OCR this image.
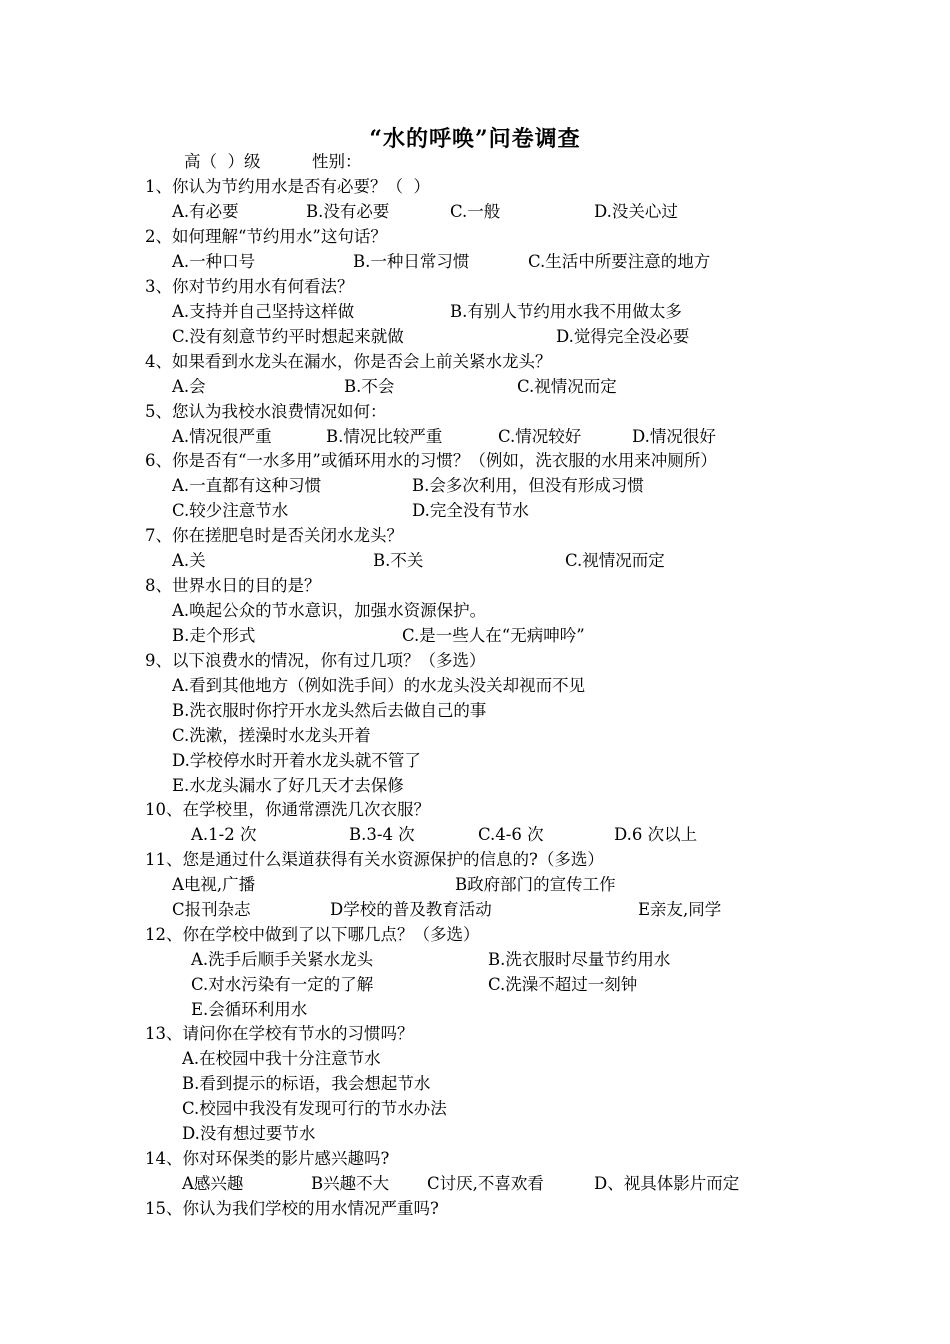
“水的呼唤”问卷调查
高（  ）级	性别：
1、你认为节约用水是否有必要？（  ）
A.有必要	B.没有必要	C.一般	D.没关心过
2、如何理解“节约用水”这句话？
A.一种口号	B.一种日常习惯	C.生活中所要注意的地方
3、你对节约用水有何看法？
A.支持并自己坚持这样做	B.有别人节约用水我不用做太多
C.没有刻意节约平时想起来就做	D.觉得完全没必要
4、如果看到水龙头在漏水，你是否会上前关紧水龙头？
A.会	B.不会	C.视情况而定
5、您认为我校水浪费情况如何：
A.情况很严重	B.情况比较严重	C.情况较好	D.情况很好
6、你是否有“一水多用”或循环用水的习惯？（例如，洗衣服的水用来冲厕所）
A.一直都有这种习惯	B.会多次利用，但没有形成习惯
C.较少注意节水	D.完全没有节水
7、你在搓肥皂时是否关闭水龙头？
A.关	B.不关	C.视情况而定
8、世界水日的目的是？
A.唤起公众的节水意识，加强水资源保护。
B.走个形式	C.是一些人在“无病呻吟”
9、以下浪费水的情况，你有过几项？（多选）
A.看到其他地方（例如洗手间）的水龙头没关却视而不见
B.洗衣服时你拧开水龙头然后去做自己的事
C.洗漱，搓澡时水龙头开着
D.学校停水时开着水龙头就不管了
E.水龙头漏水了好几天才去保修
10、在学校里，你通常漂洗几次衣服？
A.1-2 次	B.3-4 次	C.4-6 次	D.6 次以上
11、您是通过什么渠道获得有关水资源保护的信息的?（多选）
A电视,广播	B政府部门的宣传工作
C报刊杂志	D学校的普及教育活动	E亲友,同学
12、你在学校中做到了以下哪几点？（多选）
A.洗手后顺手关紧水龙头	B.洗衣服时尽量节约用水
C.对水污染有一定的了解	C.洗澡不超过一刻钟
E.会循环利用水
13、请问你在学校有节水的习惯吗？
A.在校园中我十分注意节水
B.看到提示的标语，我会想起节水
C.校园中我没有发现可行的节水办法
D.没有想过要节水
14、你对环保类的影片感兴趣吗?
A感兴趣	B兴趣不大 C讨厌,不喜欢看	D、视具体影片而定
15、你认为我们学校的用水情况严重吗?
